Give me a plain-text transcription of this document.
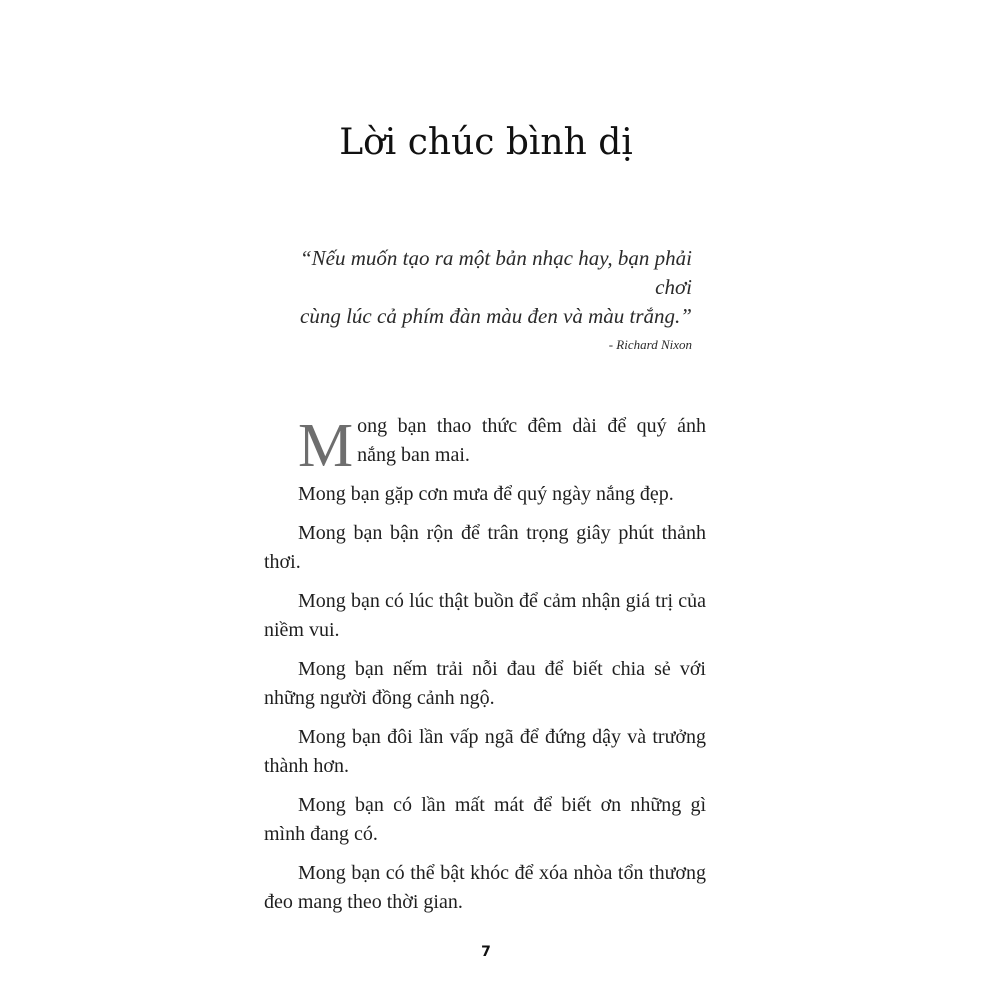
Lời chúc bình dị

“Nếu muốn tạo ra một bản nhạc hay, bạn phải chơi
cùng lúc cả phím đàn màu đen và màu trắng.”

- Richard Nixon

Mong bạn thao thức đêm dài để quý ánh nắng ban mai.

Mong bạn gặp cơn mưa để quý ngày nắng đẹp.

Mong bạn bận rộn để trân trọng giây phút thảnh thơi.

Mong bạn có lúc thật buồn để cảm nhận giá trị của niềm vui.

Mong bạn nếm trải nỗi đau để biết chia sẻ với những người đồng cảnh ngộ.

Mong bạn đôi lần vấp ngã để đứng dậy và trưởng thành hơn.

Mong bạn có lần mất mát để biết ơn những gì mình đang có.

Mong bạn có thể bật khóc để xóa nhòa tổn thương đeo mang theo thời gian.

7
